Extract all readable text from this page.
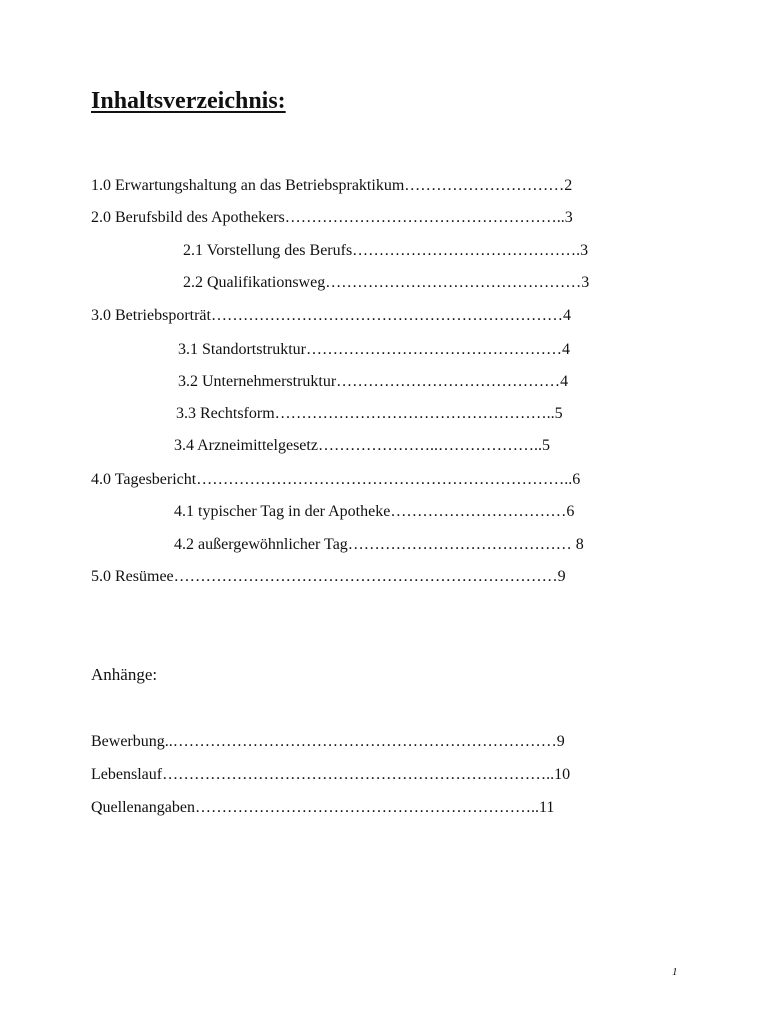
Inhaltsverzeichnis:
1.0 Erwartungshaltung an das Betriebspraktikum…………………………2
2.0 Berufsbild des Apothekers……………………………………………..3
2.1 Vorstellung des Berufs…………………………………….3
2.2 Qualifikationsweg…………………………………………3
3.0 Betriebsporträt…………………………………………………………4
3.1 Standortstruktur…………………………………………4
3.2 Unternehmerstruktur……………………………………4
3.3 Rechtsform……………………………………………..5
3.4 Arzneimittelgesetz…………………..………………..5
4.0 Tagesbericht……………………………………………………………..6
4.1 typischer Tag in der Apotheke……………………………6
4.2 außergewöhnlicher Tag…………………………………… 8
5.0 Resümee………………………………………………………………9
Anhänge:
Bewerbung..………………………………………………………………9
Lebenslauf………………………………………………………………..10
Quellenangaben………………………………………………………..11
1
